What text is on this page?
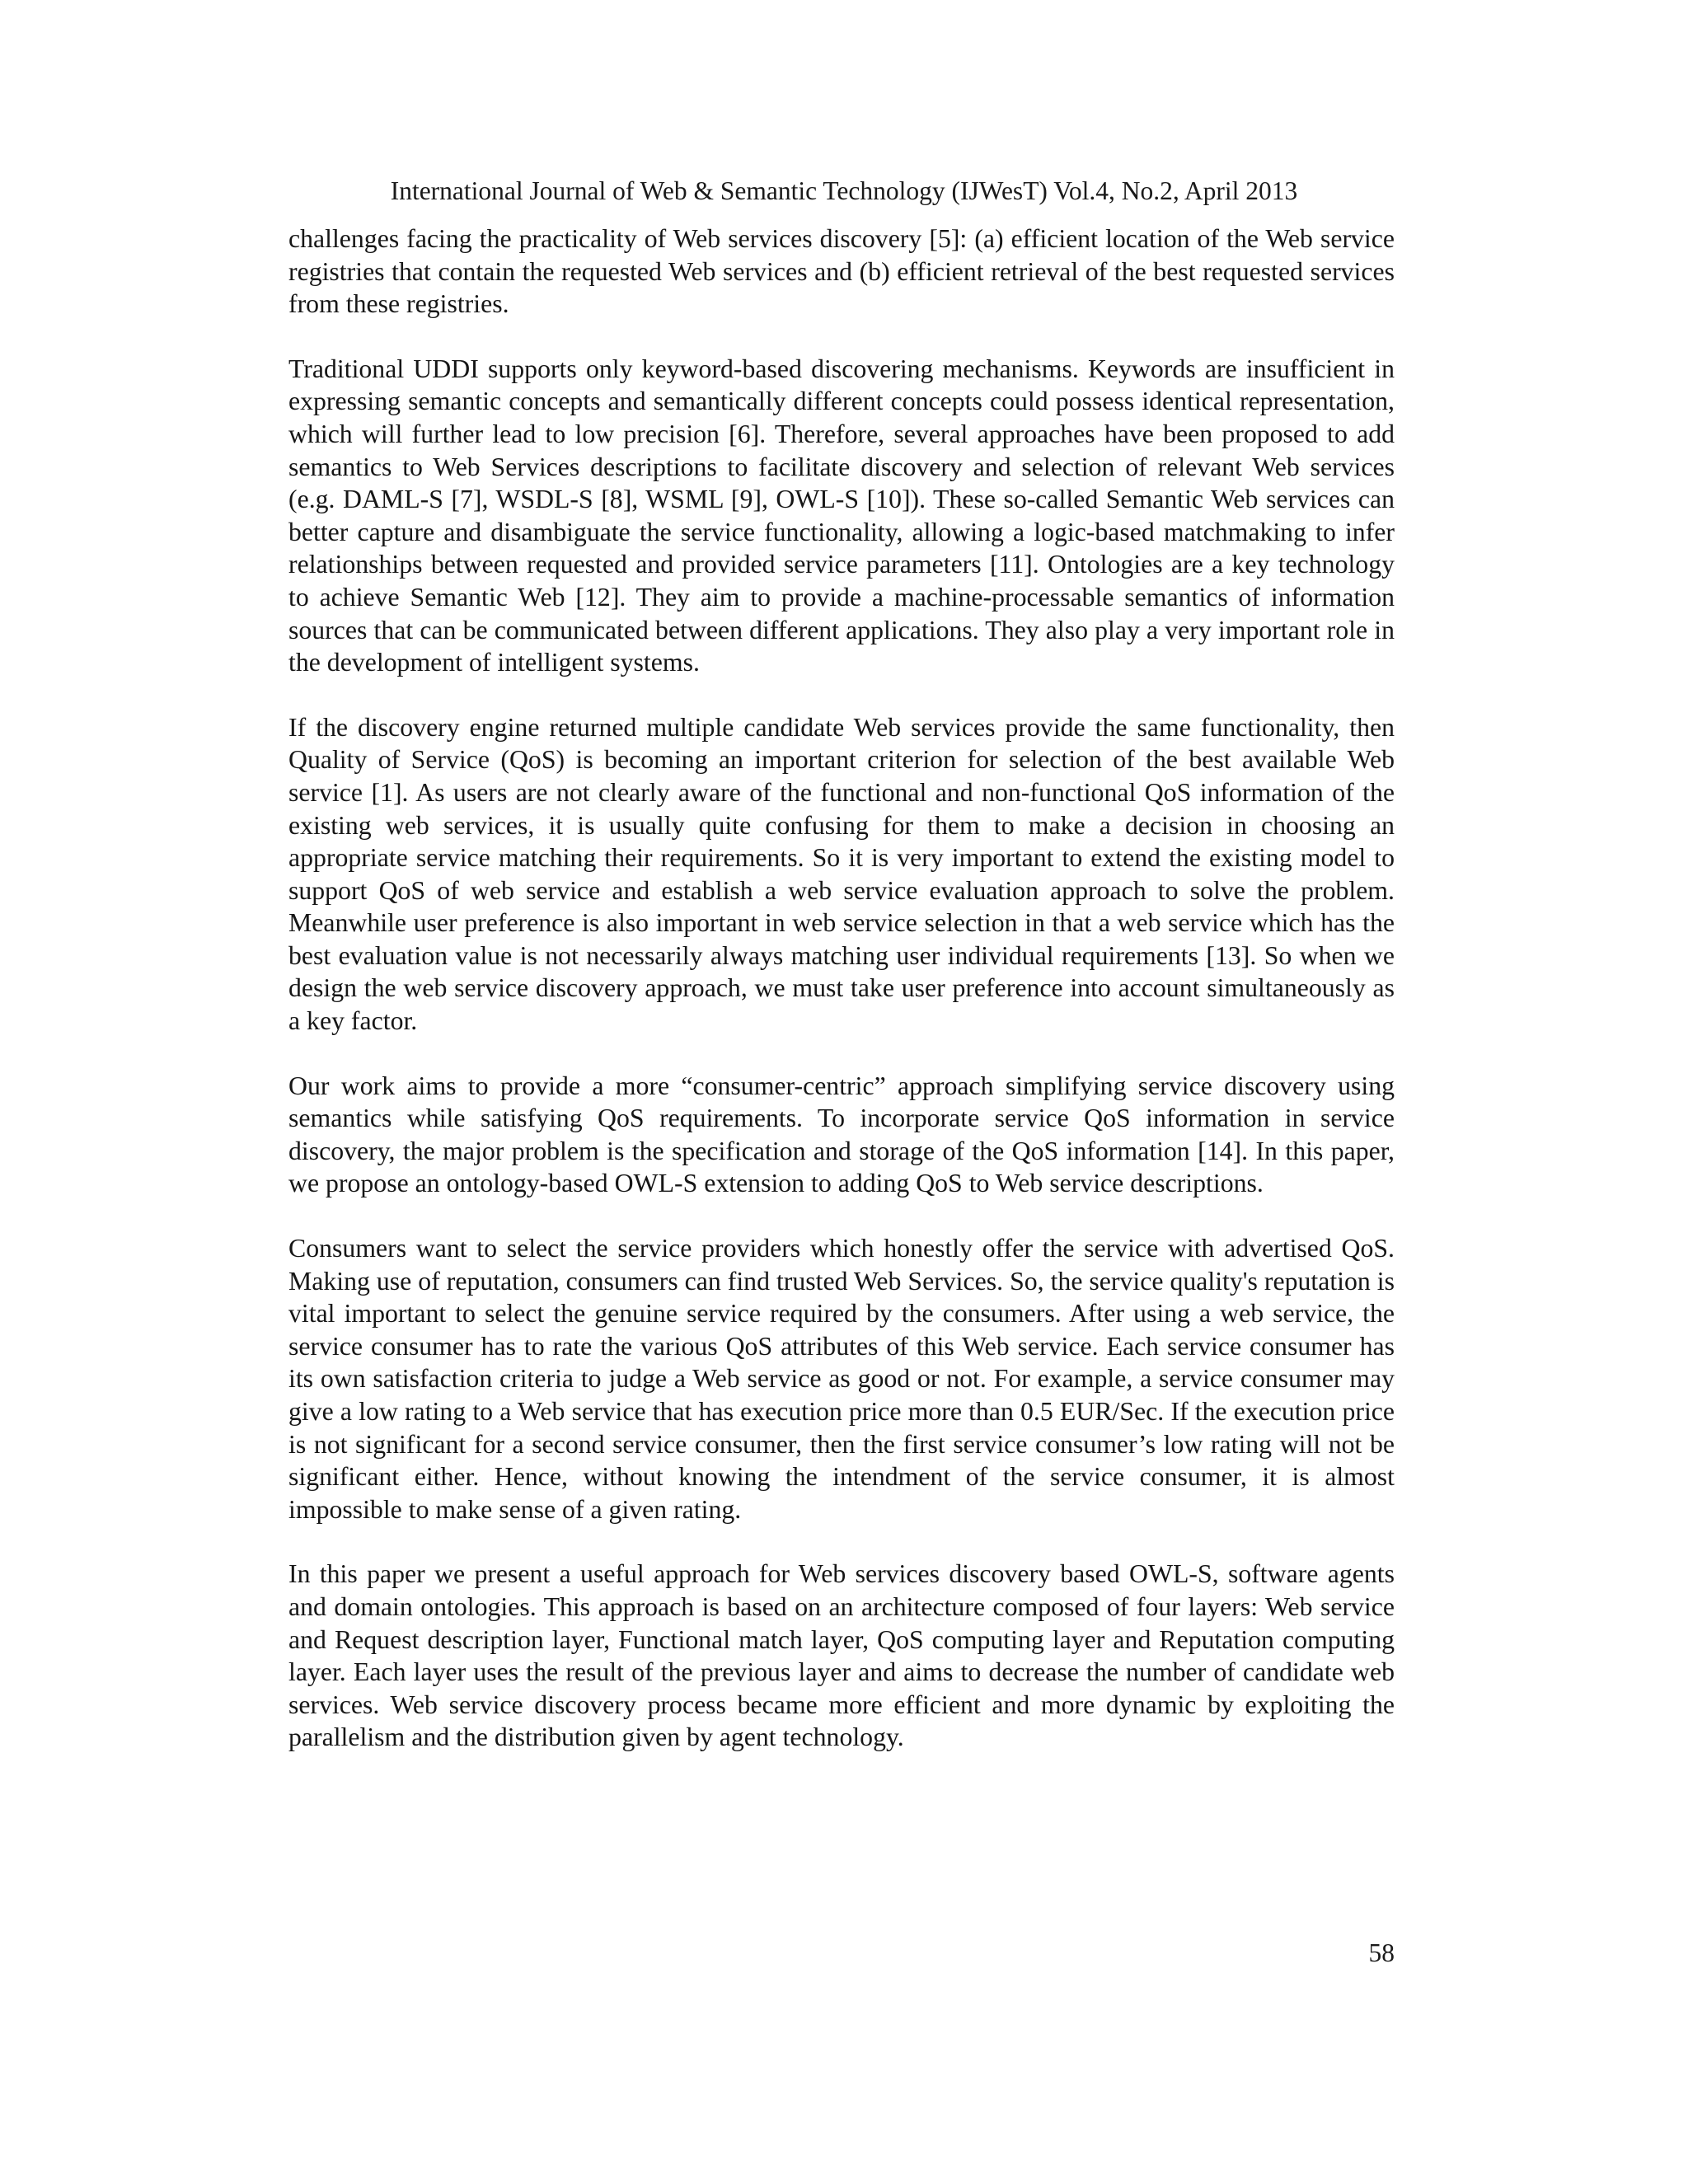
International Journal of Web & Semantic Technology (IJWesT) Vol.4, No.2, April 2013

challenges facing the practicality of Web services discovery [5]: (a) efficient location of the Web service registries that contain the requested Web services and (b) efficient retrieval of the best requested services from these registries.

Traditional UDDI supports only keyword-based discovering mechanisms. Keywords are insufficient in expressing semantic concepts and semantically different concepts could possess identical representation, which will further lead to low precision [6]. Therefore, several approaches have been proposed to add semantics to Web Services descriptions to facilitate discovery and selection of relevant Web services (e.g. DAML-S [7], WSDL-S [8], WSML [9], OWL-S [10]). These so-called Semantic Web services can better capture and disambiguate the service functionality, allowing a logic-based matchmaking to infer relationships between requested and provided service parameters [11]. Ontologies are a key technology to achieve Semantic Web [12]. They aim to provide a machine-processable semantics of information sources that can be communicated between different applications. They also play a very important role in the development of intelligent systems.

If the discovery engine returned multiple candidate Web services provide the same functionality, then Quality of Service (QoS) is becoming an important criterion for selection of the best available Web service [1]. As users are not clearly aware of the functional and non-functional QoS information of the existing web services, it is usually quite confusing for them to make a decision in choosing an appropriate service matching their requirements. So it is very important to extend the existing model to support QoS of web service and establish a web service evaluation approach to solve the problem. Meanwhile user preference is also important in web service selection in that a web service which has the best evaluation value is not necessarily always matching user individual requirements [13]. So when we design the web service discovery approach, we must take user preference into account simultaneously as a key factor.

Our work aims to provide a more “consumer-centric” approach simplifying service discovery using semantics while satisfying QoS requirements. To incorporate service QoS information in service discovery, the major problem is the specification and storage of the QoS information [14]. In this paper, we propose an ontology-based OWL-S extension to adding QoS to Web service descriptions.

Consumers want to select the service providers which honestly offer the service with advertised QoS. Making use of reputation, consumers can find trusted Web Services. So, the service quality's reputation is vital important to select the genuine service required by the consumers. After using a web service, the service consumer has to rate the various QoS attributes of this Web service. Each service consumer has its own satisfaction criteria to judge a Web service as good or not. For example, a service consumer may give a low rating to a Web service that has execution price more than 0.5 EUR/Sec. If the execution price is not significant for a second service consumer, then the first service consumer’s low rating will not be significant either. Hence, without knowing the intendment of the service consumer, it is almost impossible to make sense of a given rating.

In this paper we present a useful approach for Web services discovery based OWL-S, software agents and domain ontologies. This approach is based on an architecture composed of four layers: Web service and Request description layer, Functional match layer, QoS computing layer and Reputation computing layer. Each layer uses the result of the previous layer and aims to decrease the number of candidate web services. Web service discovery process became more efficient and more dynamic by exploiting the parallelism and the distribution given by agent technology.

58
